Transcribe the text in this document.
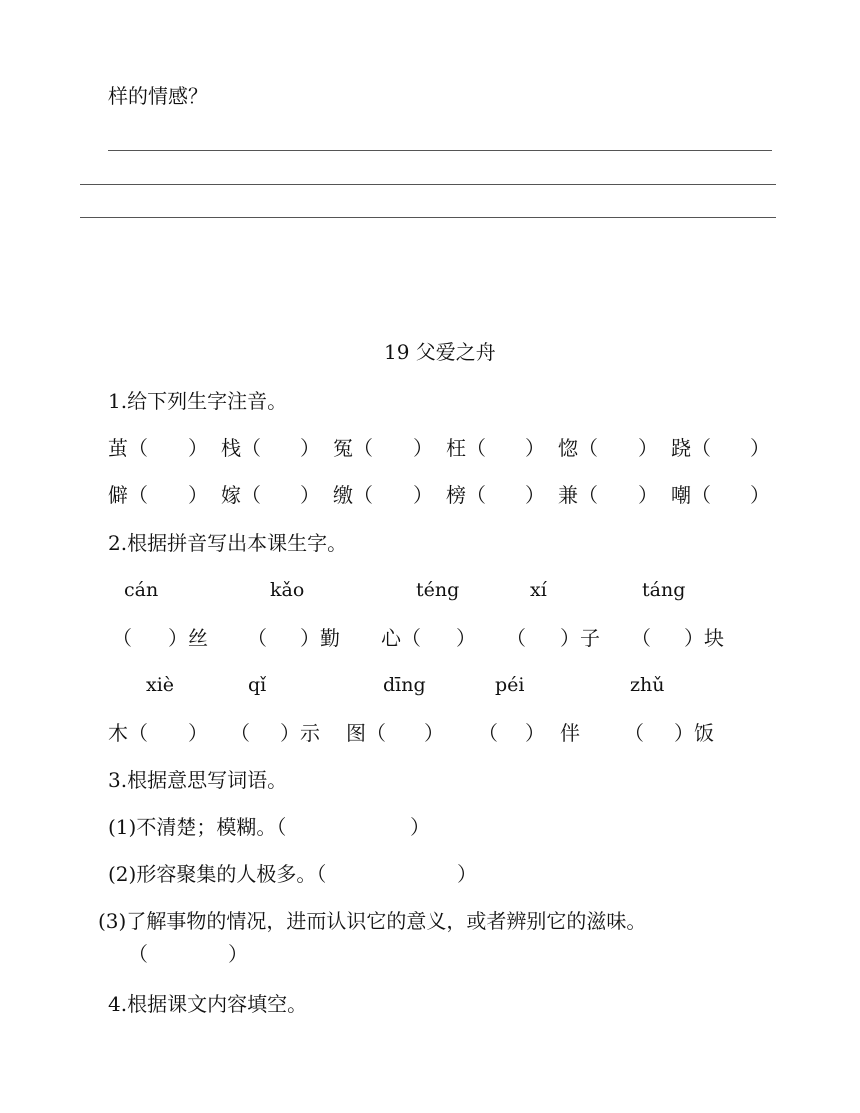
样的情感？
19 父爱之舟
1.给下列生字注音。
茧（ ） 栈（ ） 冤（ ） 枉（ ） 惚（ ） 跷（ ）
僻（ ） 嫁（ ） 缴（ ） 榜（ ） 兼（ ） 嘲（ ）
2.根据拼音写出本课生字。
cán	kǎo	téng	xí	táng
（ ）丝 （ ）勤 心（ ） （ ）子 （ ）块
xiè	qǐ	dīng	péi	zhǔ
木（ ） （ ）示 图（ ） （ ） 伴 （ ）饭
3.根据意思写词语。
(1)不清楚；模糊。（	）
(2)形容聚集的人极多。（	）
(3)了解事物的情况，进而认识它的意义，或者辨别它的滋味。
（	）
4.根据课文内容填空。
